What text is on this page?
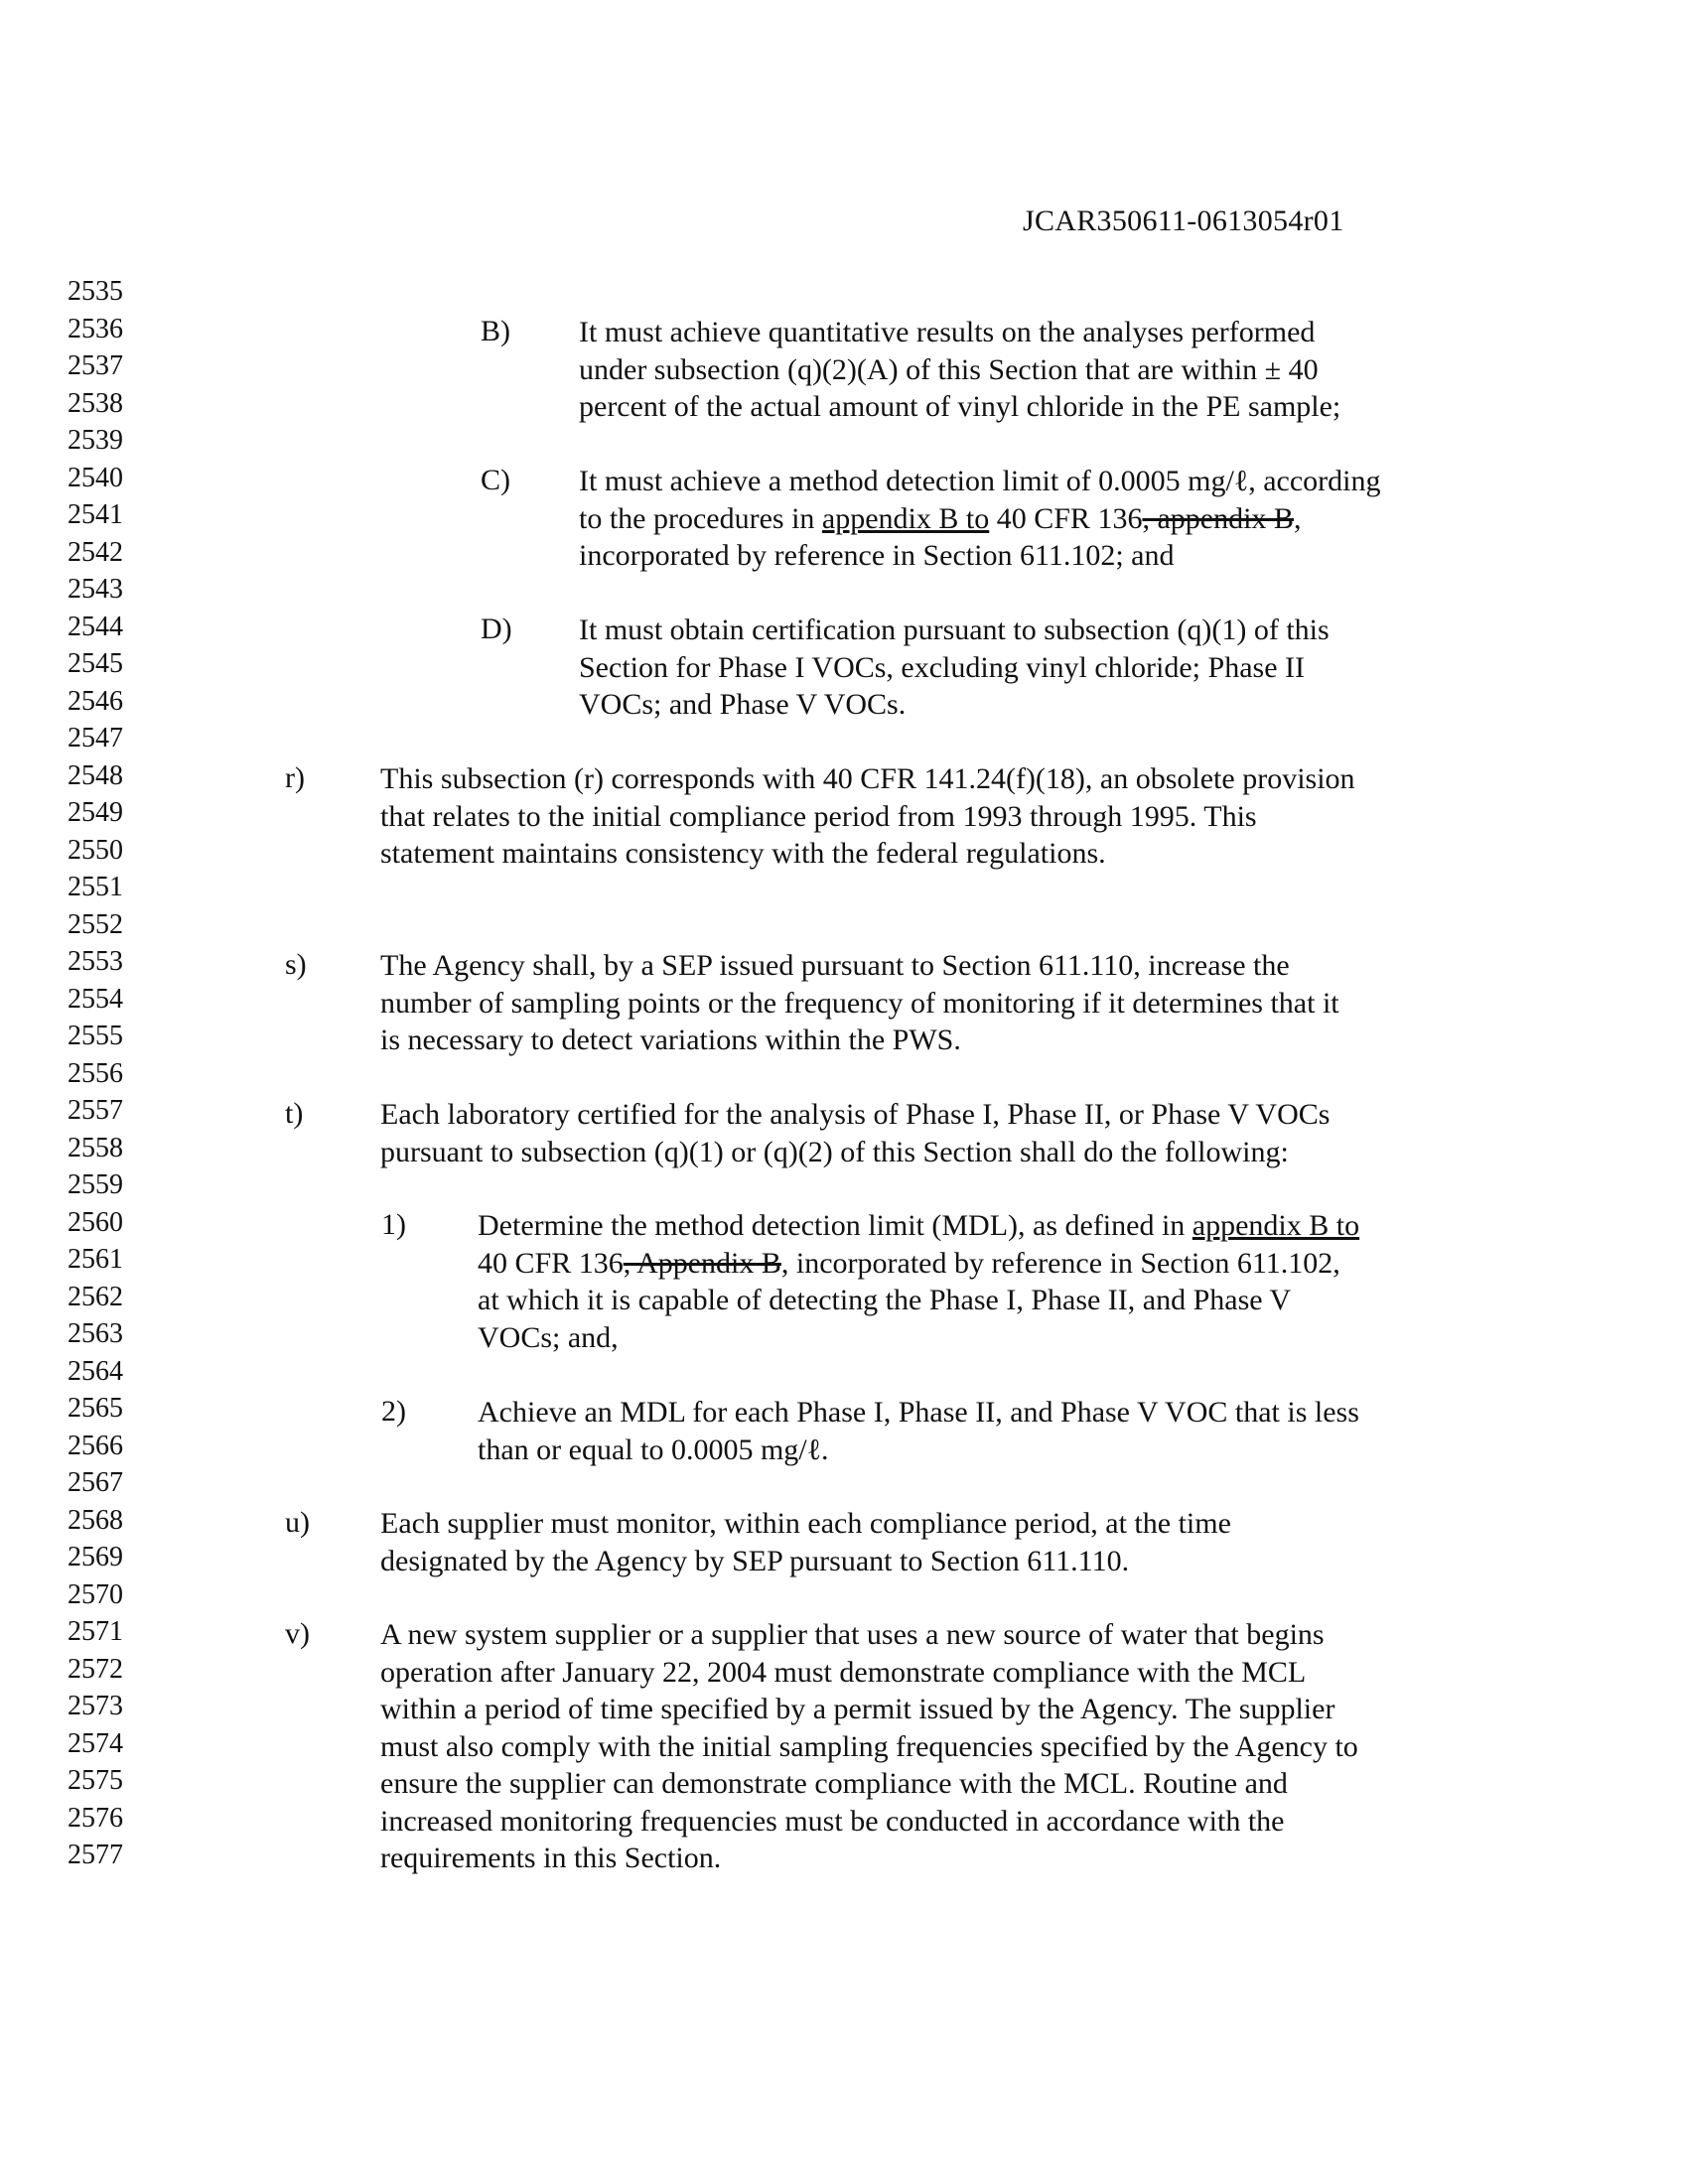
JCAR350611-0613054r01
2535
2536
2537
2538
2539
2540
2541
2542
2543
2544
2545
2546
2547
2548
2549
2550
2551
2552
2553
2554
2555
2556
2557
2558
2559
2560
2561
2562
2563
2564
2565
2566
2567
2568
2569
2570
2571
2572
2573
2574
2575
2576
2577
B) It must achieve quantitative results on the analyses performed
under subsection (q)(2)(A) of this Section that are within ± 40
percent of the actual amount of vinyl chloride in the PE sample;
C) It must achieve a method detection limit of 0.0005 mg/ℓ, according
to the procedures in appendix B to 40 CFR 136, appendix B,
incorporated by reference in Section 611.102; and
D) It must obtain certification pursuant to subsection (q)(1) of this
Section for Phase I VOCs, excluding vinyl chloride; Phase II
VOCs; and Phase V VOCs.
r)	This subsection (r) corresponds with 40 CFR 141.24(f)(18), an obsolete provision
that relates to the initial compliance period from 1993 through 1995. This
statement maintains consistency with the federal regulations.
s) The Agency shall, by a SEP issued pursuant to Section 611.110, increase the
number of sampling points or the frequency of monitoring if it determines that it
is necessary to detect variations within the PWS.
t)	Each laboratory certified for the analysis of Phase I, Phase II, or Phase V VOCs
pursuant to subsection (q)(1) or (q)(2) of this Section shall do the following:
1) Determine the method detection limit (MDL), as defined in appendix B to
40 CFR 136, Appendix B, incorporated by reference in Section 611.102,
at which it is capable of detecting the Phase I, Phase II, and Phase V
VOCs; and,
2) Achieve an MDL for each Phase I, Phase II, and Phase V VOC that is less
than or equal to 0.0005 mg/ℓ.
u) Each supplier must monitor, within each compliance period, at the time
designated by the Agency by SEP pursuant to Section 611.110.
v) A new system supplier or a supplier that uses a new source of water that begins
operation after January 22, 2004 must demonstrate compliance with the MCL
within a period of time specified by a permit issued by the Agency. The supplier
must also comply with the initial sampling frequencies specified by the Agency to
ensure the supplier can demonstrate compliance with the MCL. Routine and
increased monitoring frequencies must be conducted in accordance with the
requirements in this Section.
